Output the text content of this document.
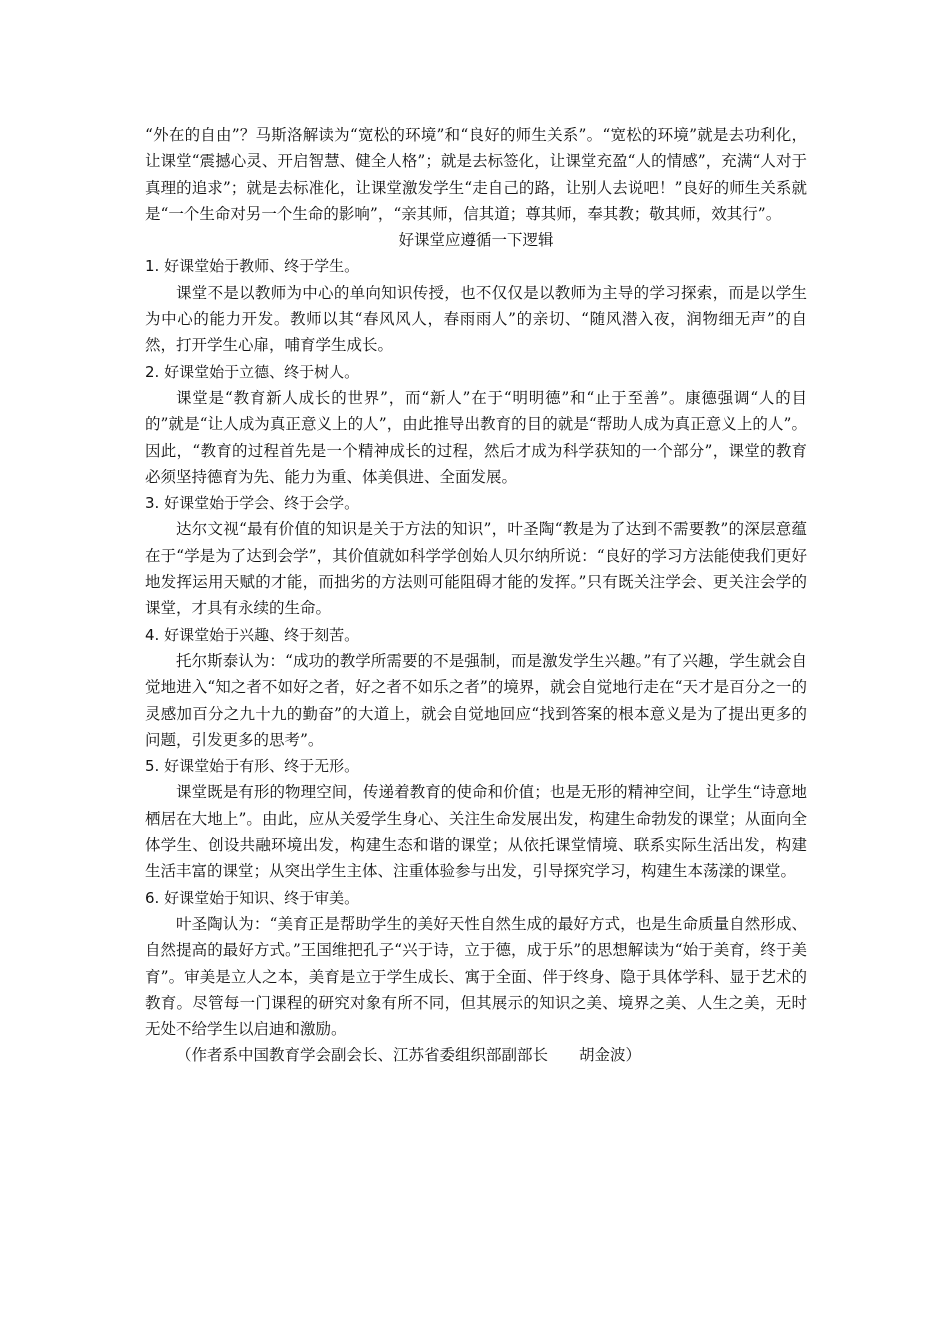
“外在的自由”？马斯洛解读为“宽松的环境”和“良好的师生关系”。“宽松的环境”就是去功利化，让课堂“震撼心灵、开启智慧、健全人格”；就是去标签化，让课堂充盈“人的情感”，充满“人对于真理的追求”；就是去标准化，让课堂激发学生“走自己的路，让别人去说吧！”良好的师生关系就是“一个生命对另一个生命的影响”，“亲其师，信其道；尊其师，奉其教；敬其师，效其行”。

好课堂应遵循一下逻辑

1. 好课堂始于教师、终于学生。

课堂不是以教师为中心的单向知识传授，也不仅仅是以教师为主导的学习探索，而是以学生为中心的能力开发。教师以其“春风风人，春雨雨人”的亲切、“随风潜入夜，润物细无声”的自然，打开学生心扉，哺育学生成长。

2. 好课堂始于立德、终于树人。

课堂是“教育新人成长的世界”，而“新人”在于“明明德”和“止于至善”。康德强调“人的目的”就是“让人成为真正意义上的人”，由此推导出教育的目的就是“帮助人成为真正意义上的人”。因此，“教育的过程首先是一个精神成长的过程，然后才成为科学获知的一个部分”，课堂的教育必须坚持德育为先、能力为重、体美俱进、全面发展。

3. 好课堂始于学会、终于会学。

达尔文视“最有价值的知识是关于方法的知识”，叶圣陶“教是为了达到不需要教”的深层意蕴在于“学是为了达到会学”，其价值就如科学学创始人贝尔纳所说：“良好的学习方法能使我们更好地发挥运用天赋的才能，而拙劣的方法则可能阻碍才能的发挥。”只有既关注学会、更关注会学的课堂，才具有永续的生命。

4. 好课堂始于兴趣、终于刻苦。

托尔斯泰认为：“成功的教学所需要的不是强制，而是激发学生兴趣。”有了兴趣，学生就会自觉地进入“知之者不如好之者，好之者不如乐之者”的境界，就会自觉地行走在“天才是百分之一的灵感加百分之九十九的勤奋”的大道上，就会自觉地回应“找到答案的根本意义是为了提出更多的问题，引发更多的思考”。

5. 好课堂始于有形、终于无形。

课堂既是有形的物理空间，传递着教育的使命和价值；也是无形的精神空间，让学生“诗意地栖居在大地上”。由此，应从关爱学生身心、关注生命发展出发，构建生命勃发的课堂；从面向全体学生、创设共融环境出发，构建生态和谐的课堂；从依托课堂情境、联系实际生活出发，构建生活丰富的课堂；从突出学生主体、注重体验参与出发，引导探究学习，构建生本荡漾的课堂。

6. 好课堂始于知识、终于审美。

叶圣陶认为：“美育正是帮助学生的美好天性自然生成的最好方式，也是生命质量自然形成、自然提高的最好方式。”王国维把孔子“兴于诗，立于德，成于乐”的思想解读为“始于美育，终于美育”。审美是立人之本，美育是立于学生成长、寓于全面、伴于终身、隐于具体学科、显于艺术的教育。尽管每一门课程的研究对象有所不同，但其展示的知识之美、境界之美、人生之美，无时无处不给学生以启迪和激励。

（作者系中国教育学会副会长、江苏省委组织部副部长　　胡金波）
